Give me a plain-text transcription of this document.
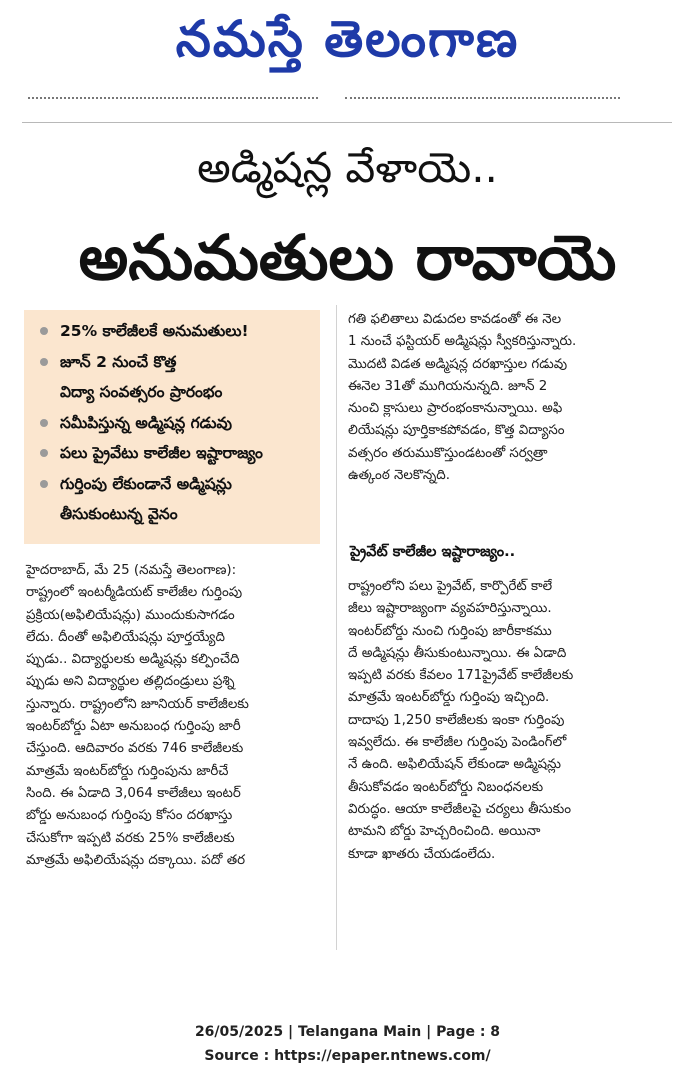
నమస్తే తెలంగాణ
అడ్మిషన్ల వేళాయె..
అనుమతులు రావాయె
25% కాలేజీలకే అనుమతులు!
జూన్ 2 నుంచే కొత్త
విద్యా సంవత్సరం ప్రారంభం
సమీపిస్తున్న అడ్మిషన్ల గడువు
పలు ప్రైవేటు కాలేజీల ఇష్టారాజ్యం
గుర్తింపు లేకుండానే అడ్మిషన్లు
తీసుకుంటున్న వైనం

హైదరాబాద్, మే 25 (నమస్తే తెలంగాణ):

రాష్ట్రంలో ఇంటర్మీడియట్ కాలేజీల గుర్తింపు

ప్రక్రియ(అఫిలియేషన్లు) ముందుకుసాగడం

లేదు. దీంతో అఫిలియేషన్లు పూర్తయ్యేది

ప్పుడు.. విద్యార్థులకు అడ్మిషన్లు కల్పించేది

ప్పుడు అని విద్యార్థుల తల్లిదండ్రులు ప్రశ్ని

స్తున్నారు. రాష్ట్రంలోని జూనియర్ కాలేజీలకు

ఇంటర్‌బోర్డు ఏటా అనుబంధ గుర్తింపు జారీ

చేస్తుంది. ఆదివారం వరకు 746 కాలేజీలకు

మాత్రమే ఇంటర్‌బోర్డు గుర్తింపును జారీచే

సింది. ఈ ఏడాది 3,064 కాలేజీలు ఇంటర్

బోర్డు అనుబంధ గుర్తింపు కోసం దరఖాస్తు

చేసుకోగా ఇప్పటి వరకు 25% కాలేజీలకు

మాత్రమే అఫిలియేషన్లు దక్కాయి. పదో తర

గతి ఫలితాలు విడుదల కావడంతో ఈ నెల

1 నుంచే ఫస్టియర్ అడ్మిషన్లు స్వీకరిస్తున్నారు.

మొదటి విడత అడ్మిషన్ల దరఖాస్తుల గడువు

ఈనెల 31తో ముగియనున్నది. జూన్ 2

నుంచి క్లాసులు ప్రారంభంకానున్నాయి. అఫి

లియేషన్లు పూర్తికాకపోవడం, కొత్త విద్యాసం

వత్సరం తరుముకొస్తుండటంతో సర్వత్రా

ఉత్కంఠ నెలకొన్నది.

ప్రైవేట్ కాలేజీల ఇష్టారాజ్యం..

రాష్ట్రంలోని పలు ప్రైవేట్, కార్పొరేట్ కాలే

జీలు ఇష్టారాజ్యంగా వ్యవహరిస్తున్నాయి.

ఇంటర్‌బోర్డు నుంచి గుర్తింపు జారీకాకము

దే అడ్మిషన్లు తీసుకుంటున్నాయి. ఈ ఏడాది

ఇప్పటి వరకు కేవలం 171ప్రైవేట్ కాలేజీలకు

మాత్రమే ఇంటర్‌బోర్డు గుర్తింపు ఇచ్చింది.

దాదాపు 1,250 కాలేజీలకు ఇంకా గుర్తింపు

ఇవ్వలేదు. ఈ కాలేజీల గుర్తింపు పెండింగ్‌లో

నే ఉంది. అఫిలియేషన్ లేకుండా అడ్మిషన్లు

తీసుకోవడం ఇంటర్‌బోర్డు నిబంధనలకు

విరుద్ధం. ఆయా కాలేజీలపై చర్యలు తీసుకుం

టామని బోర్డు హెచ్చరించింది. అయినా

కూడా ఖాతరు చేయడంలేదు.

26/05/2025 | Telangana Main | Page : 8
Source : https://epaper.ntnews.com/
